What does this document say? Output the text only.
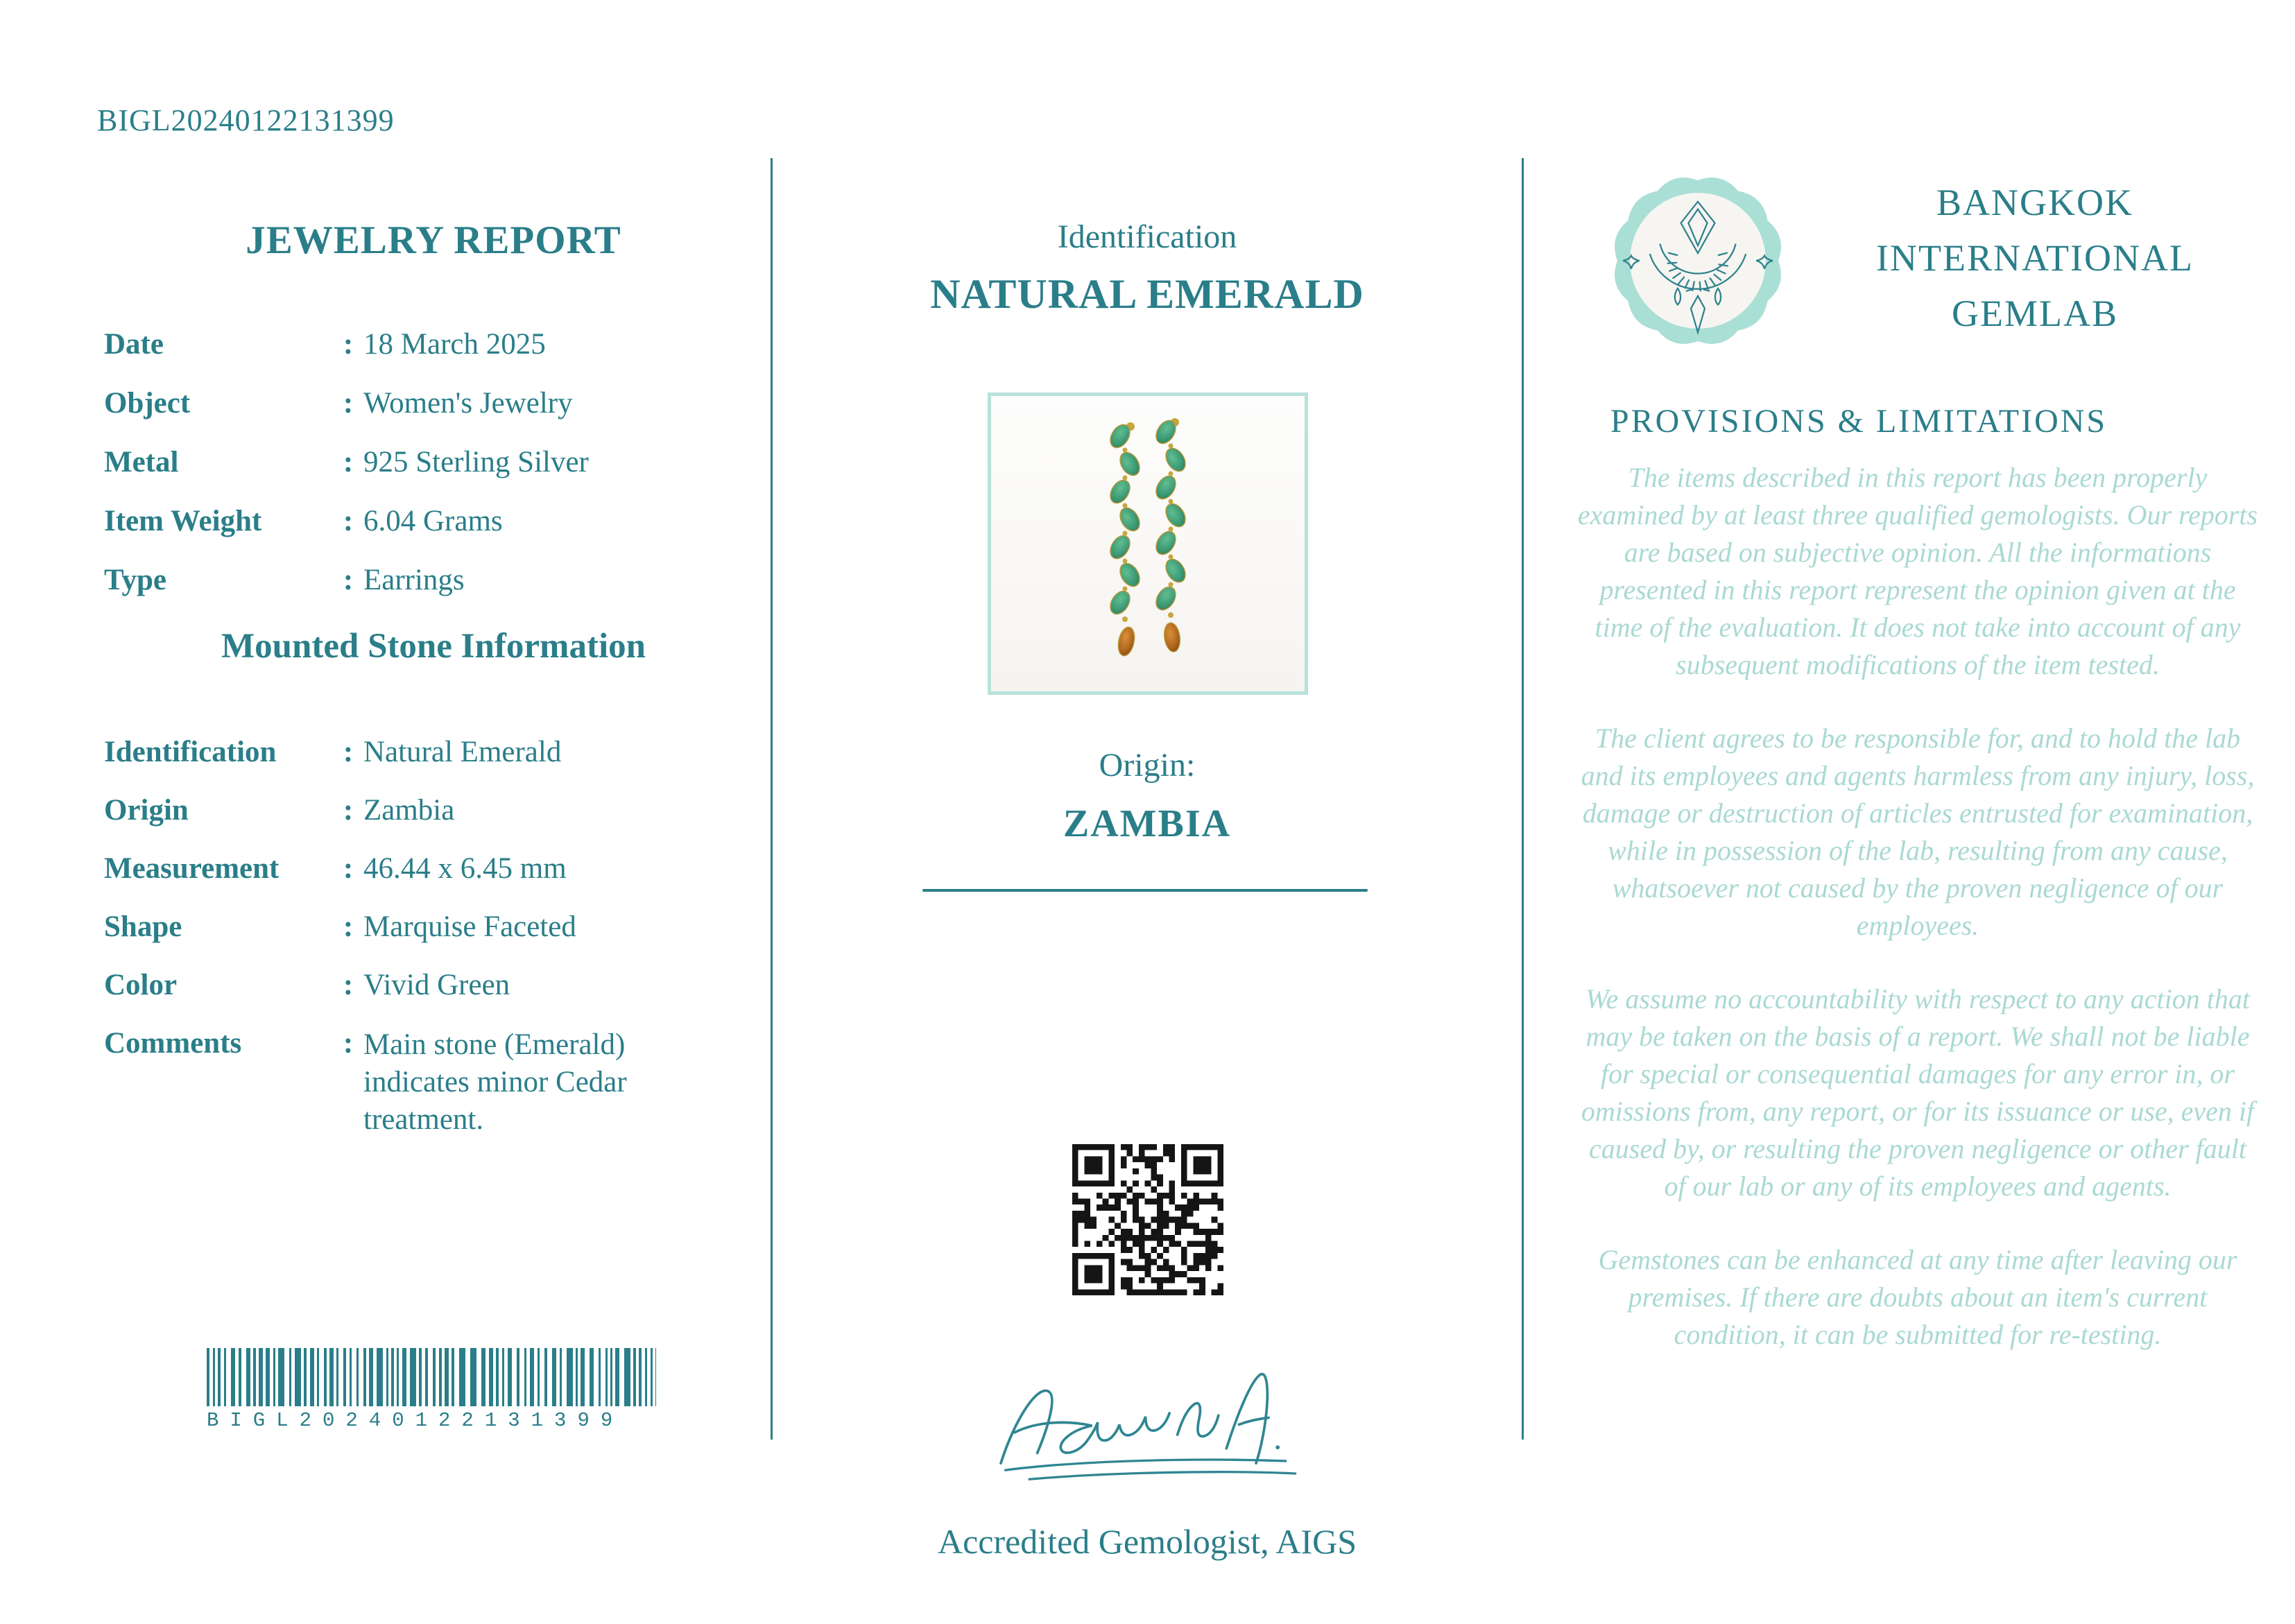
BIGL20240122131399
JEWELRY REPORT
Date	: 18 March 2025
Object	: Women's Jewelry
Metal	: 925 Sterling Silver
Item Weight	: 6.04 Grams
Type	: Earrings
Mounted Stone Information
Identification	: Natural Emerald
Origin	: Zambia
Measurement	: 46.44 x 6.45 mm
Shape	: Marquise Faceted
Color	: Vivid Green
Comments	: Main stone (Emerald) indicates minor Cedar treatment.
BIGL20240122131399
Identification
NATURAL EMERALD
Origin:
ZAMBIA
Accredited Gemologist, AIGS
BANGKOK
INTERNATIONAL
GEMLAB
PROVISIONS & LIMITATIONS

The items described in this report has been properly examined by at least three qualified gemologists. Our reports are based on subjective opinion. All the informations presented in this report represent the opinion given at the time of the evaluation. It does not take into account of any subsequent modifications of the item tested.

The client agrees to be responsible for, and to hold the lab and its employees and agents harmless from any injury, loss, damage or destruction of articles entrusted for examination, while in possession of the lab, resulting from any cause, whatsoever not caused by the proven negligence of our employees.

We assume no accountability with respect to any action that may be taken on the basis of a report. We shall not be liable for special or consequential damages for any error in, or omissions from, any report, or for its issuance or use, even if caused by, or resulting the proven negligence or other fault of our lab or any of its employees and agents.

Gemstones can be enhanced at any time after leaving our premises. If there are doubts about an item's current condition, it can be submitted for re-testing.
